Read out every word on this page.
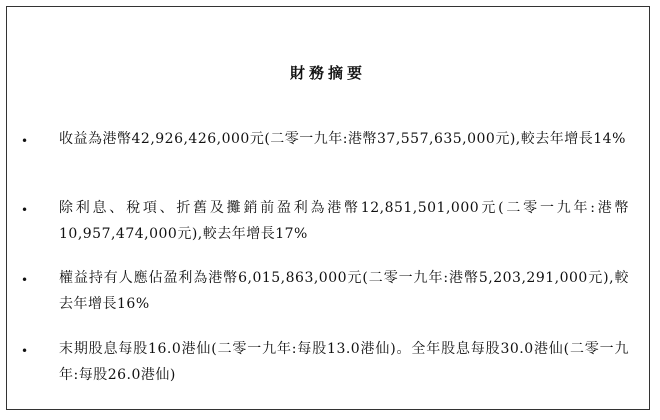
財務摘要
• 收益為港幣42,926,426,000元(二零一九年:港幣37,557,635,000元),較去年增長14%
• 除利息、稅項、折舊及攤銷前盈利為港幣12,851,501,000元(二零一九年:港幣10,957,474,000元),較去年增長17%
• 權益持有人應佔盈利為港幣6,015,863,000元(二零一九年:港幣5,203,291,000元),較去年增長16%
• 末期股息每股16.0港仙(二零一九年:每股13.0港仙)。全年股息每股30.0港仙(二零一九年:每股26.0港仙)
